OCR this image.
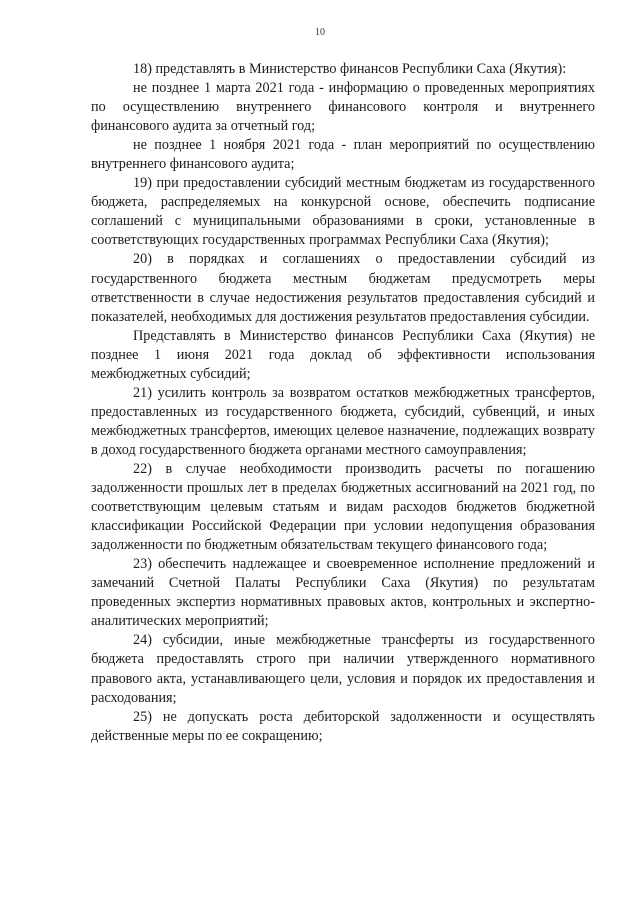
10

18) представлять в Министерство финансов Республики Саха (Якутия):

не позднее 1 марта 2021 года - информацию о проведенных мероприятиях по осуществлению внутреннего финансового контроля и внутреннего финансового аудита за отчетный год;

не позднее 1 ноября 2021 года - план мероприятий по осуществлению внутреннего финансового аудита;

19) при предоставлении субсидий местным бюджетам из государственного бюджета, распределяемых на конкурсной основе, обеспечить подписание соглашений с муниципальными образованиями в сроки, установленные в соответствующих государственных программах Республики Саха (Якутия);

20) в порядках и соглашениях о предоставлении субсидий из государственного бюджета местным бюджетам предусмотреть меры ответственности в случае недостижения результатов предоставления субсидий и показателей, необходимых для достижения результатов предоставления субсидии.

Представлять в Министерство финансов Республики Саха (Якутия) не позднее 1 июня 2021 года доклад об эффективности использования межбюджетных субсидий;

21) усилить контроль за возвратом остатков межбюджетных трансфертов, предоставленных из государственного бюджета, субсидий, субвенций, и иных межбюджетных трансфертов, имеющих целевое назначение, подлежащих возврату в доход государственного бюджета органами местного самоуправления;

22) в случае необходимости производить расчеты по погашению задолженности прошлых лет в пределах бюджетных ассигнований на 2021 год, по соответствующим целевым статьям и видам расходов бюджетов бюджетной классификации Российской Федерации при условии недопущения образования задолженности по бюджетным обязательствам текущего финансового года;

23) обеспечить надлежащее и своевременное исполнение предложений и замечаний Счетной Палаты Республики Саха (Якутия) по результатам проведенных экспертиз нормативных правовых актов, контрольных и экспертно-аналитических мероприятий;

24) субсидии, иные межбюджетные трансферты из государственного бюджета предоставлять строго при наличии утвержденного нормативного правового акта, устанавливающего цели, условия и порядок их предоставления и расходования;

25) не допускать роста дебиторской задолженности и осуществлять действенные меры по ее сокращению;
